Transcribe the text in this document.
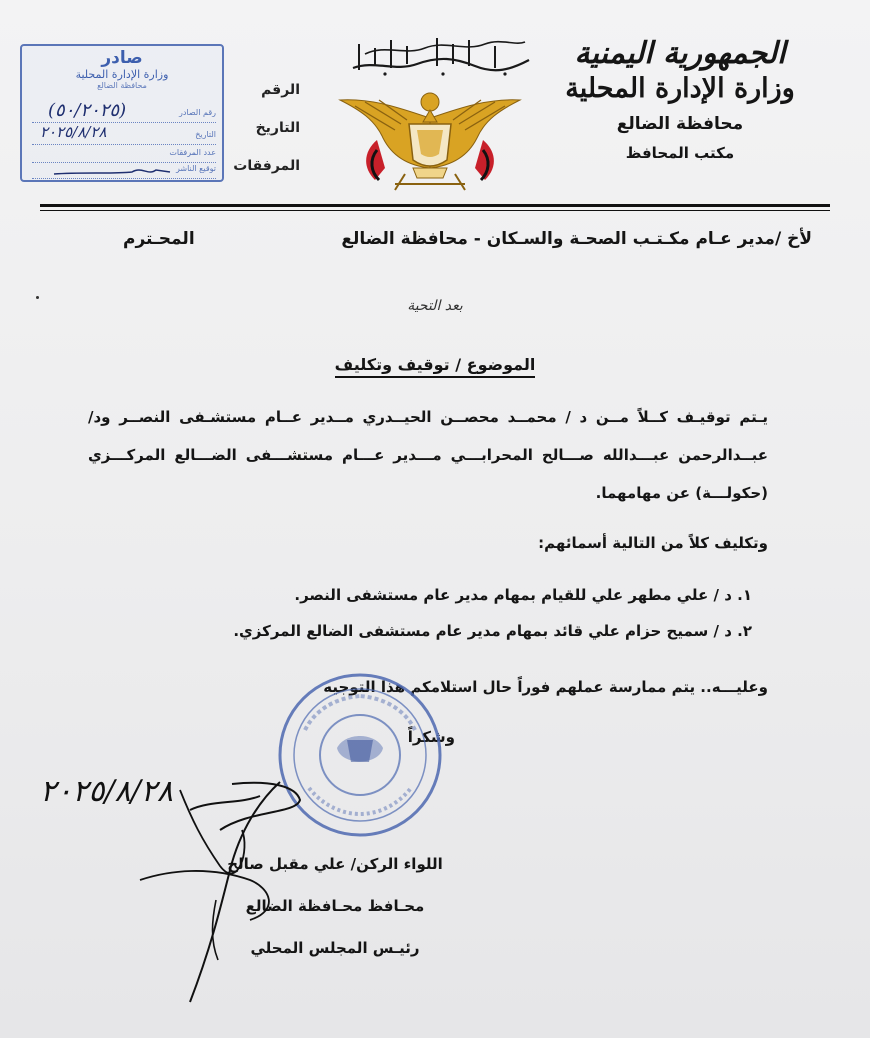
الجمهورية اليمنية
وزارة الإدارة المحلية
محافظة الضالع
مكتب المحافظ
الرقم
التاريخ
المرفقات
صادر
وزارة الإدارة المحلية
محافظة الضالع
رقم الصادر
(٥٠/٢٠٢٥)
التاريخ
٢٠٢٥/٨/٢٨
عدد المرفقات
توقيع الناشر
لأخ /مدير عـام مكـتـب الصحـة والسـكان - محافظة الضالع
المحـترم
بعد التحية
الموضوع / توقيف وتكليف
يـتم توقيـف كــلاً مــن د / محمــد محصــن الحيــدري مــدير عــام مستشـفى النصــر ود/ عبــدالرحمن عبـــدالله صـــالح المحرابـــي مـــدير عـــام مستشـــفى الضـــالع المركـــزي (حكولـــة) عن مهامهما.
وتكليف كلاً من التالية أسمائهم:
١. د / علي مطهر علي للقيام بمهام مدير عام مستشفى النصر.
٢. د / سميح حزام علي قائد بمهام مدير عام مستشفى الضالع المركزي.
وعليـــه.. يتم ممارسة عملهم فوراً حال استلامكم هذا التوجيه
وشكراً
٢٠٢٥/٨/٢٨
اللواء الركن/ علي مقبل صالح
محـافظ محـافظة الضالع
رئيـس المجلس المحلي
